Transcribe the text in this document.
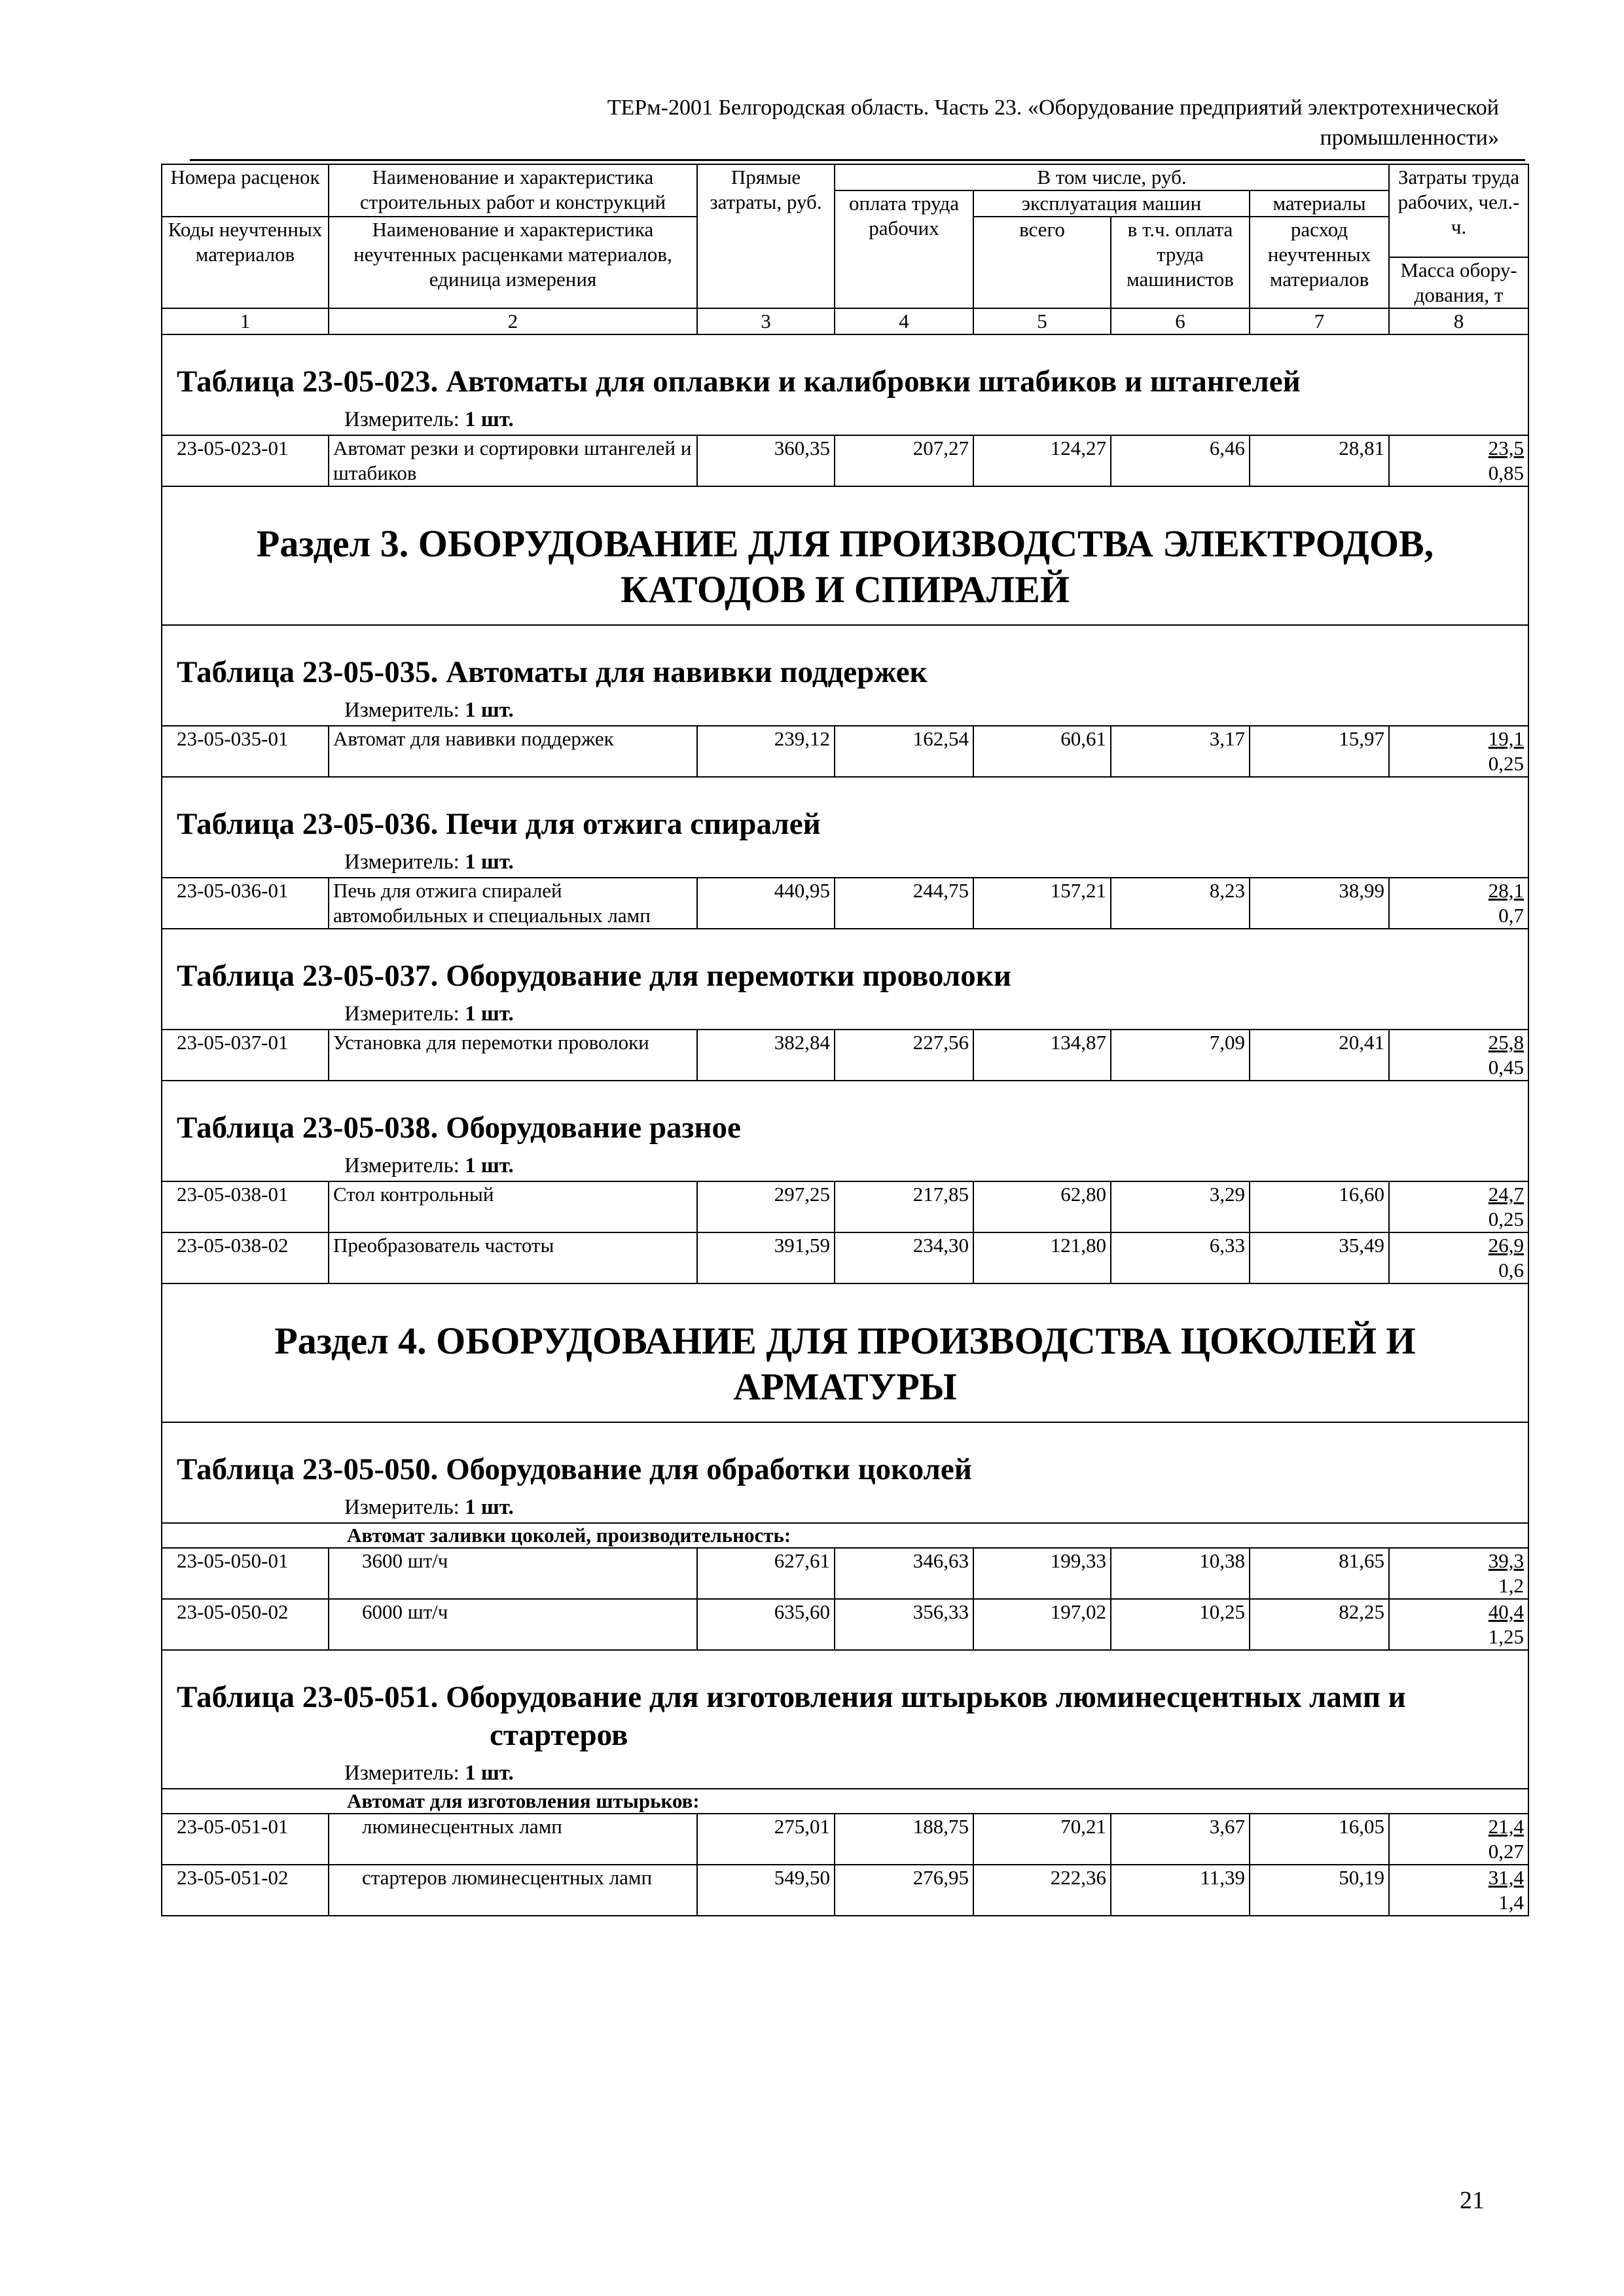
ТЕРм-2001 Белгородская область. Часть 23. «Оборудование предприятий электротехнической
промышленности»
Номера расценок	Наименование и характеристика строительных работ и конструкций	Прямые затраты, руб.	В том числе, руб.				Затраты труда рабочих, чел.-ч.
			оплата труда рабочих	эксплуатация машин		материалы	
Коды неучтенных материалов	Наименование и характеристика неучтенных расценками материалов, единица измерения			всего	в т.ч. оплата труда машинистов	расход неучтенных материалов	
							Масса обору-дования, т
1	2	3	4	5	6	7	8

Таблица 23-05-023. Автоматы для оплавки и калибровки штабиков и штангелей
Измеритель: 1 шт.							

23-05-023-01	Автомат резки и сортировки штангелей и штабиков	360,35	207,27	124,27	6,46	28,81	23,5
0,85

Раздел 3. ОБОРУДОВАНИЕ ДЛЯ ПРОИЗВОДСТВА ЭЛЕКТРОДОВ, КАТОДОВ И СПИРАЛЕЙ							

Таблица 23-05-035. Автоматы для навивки поддержек
Измеритель: 1 шт.							

23-05-035-01	Автомат для навивки поддержек	239,12	162,54	60,61	3,17	15,97	19,1
0,25

Таблица 23-05-036. Печи для отжига спиралей
Измеритель: 1 шт.							

23-05-036-01	Печь для отжига спиралей автомобильных и специальных ламп	440,95	244,75	157,21	8,23	38,99	28,1
0,7

Таблица 23-05-037. Оборудование для перемотки проволоки
Измеритель: 1 шт.							

23-05-037-01	Установка для перемотки проволоки	382,84	227,56	134,87	7,09	20,41	25,8
0,45

Таблица 23-05-038. Оборудование разное
Измеритель: 1 шт.							

23-05-038-01	Стол контрольный	297,25	217,85	62,80	3,29	16,60	24,7
0,25

23-05-038-02	Преобразователь частоты	391,59	234,30	121,80	6,33	35,49	26,9
0,6

Раздел 4. ОБОРУДОВАНИЕ ДЛЯ ПРОИЗВОДСТВА ЦОКОЛЕЙ И АРМАТУРЫ							

Таблица 23-05-050. Оборудование для обработки цоколей
Измеритель: 1 шт.							

Автомат заливки цоколей, производительность:							

23-05-050-01	3600 шт/ч	627,61	346,63	199,33	10,38	81,65	39,3
1,2

23-05-050-02	6000 шт/ч	635,60	356,33	197,02	10,25	82,25	40,4
1,25

Таблица 23-05-051. Оборудование для изготовления штырьков люминесцентных ламп и
стартеров
Измеритель: 1 шт.							

Автомат для изготовления штырьков:							

23-05-051-01	люминесцентных ламп	275,01	188,75	70,21	3,67	16,05	21,4
0,27

23-05-051-02	стартеров люминесцентных ламп	549,50	276,95	222,36	11,39	50,19	31,4
1,4
21
